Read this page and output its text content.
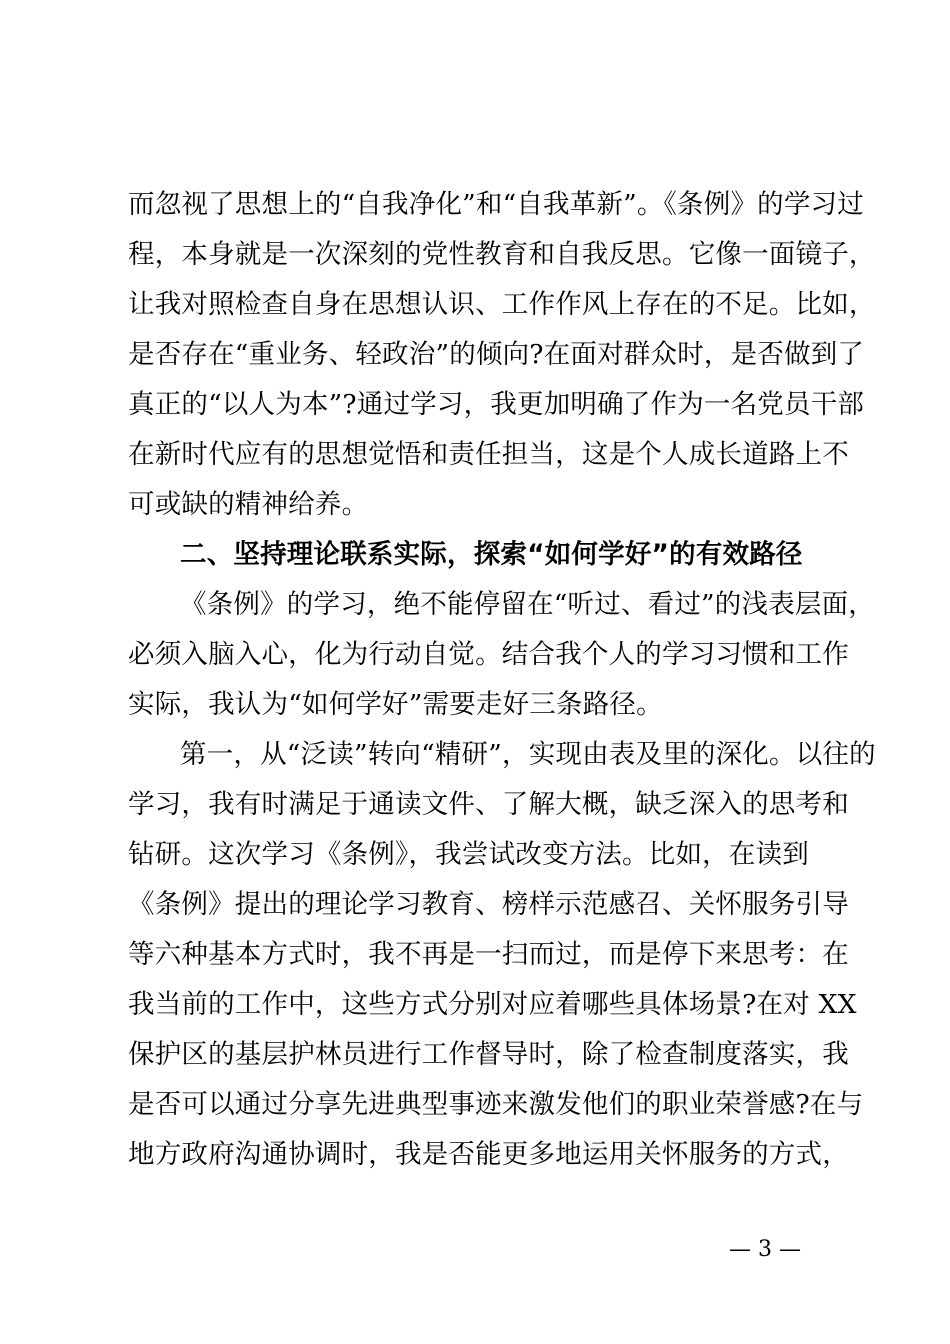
而忽视了思想上的“自我净化”和“自我革新”。《条例》的学习过
程，本身就是一次深刻的党性教育和自我反思。它像一面镜子，
让我对照检查自身在思想认识、工作作风上存在的不足。比如，
是否存在“重业务、轻政治”的倾向?在面对群众时，是否做到了
真正的“以人为本”?通过学习，我更加明确了作为一名党员干部
在新时代应有的思想觉悟和责任担当，这是个人成长道路上不
可或缺的精神给养。
二、坚持理论联系实际，探索“如何学好”的有效路径
《条例》的学习，绝不能停留在“听过、看过”的浅表层面，
必须入脑入心，化为行动自觉。结合我个人的学习习惯和工作
实际，我认为“如何学好”需要走好三条路径。
第一，从“泛读”转向“精研”，实现由表及里的深化。以往的
学习，我有时满足于通读文件、了解大概，缺乏深入的思考和
钻研。这次学习《条例》，我尝试改变方法。比如，在读到
《条例》提出的理论学习教育、榜样示范感召、关怀服务引导
等六种基本方式时，我不再是一扫而过，而是停下来思考：在
我当前的工作中，这些方式分别对应着哪些具体场景?在对 XX
保护区的基层护林员进行工作督导时，除了检查制度落实，我
是否可以通过分享先进典型事迹来激发他们的职业荣誉感?在与
地方政府沟通协调时，我是否能更多地运用关怀服务的方式，
— 3 —
